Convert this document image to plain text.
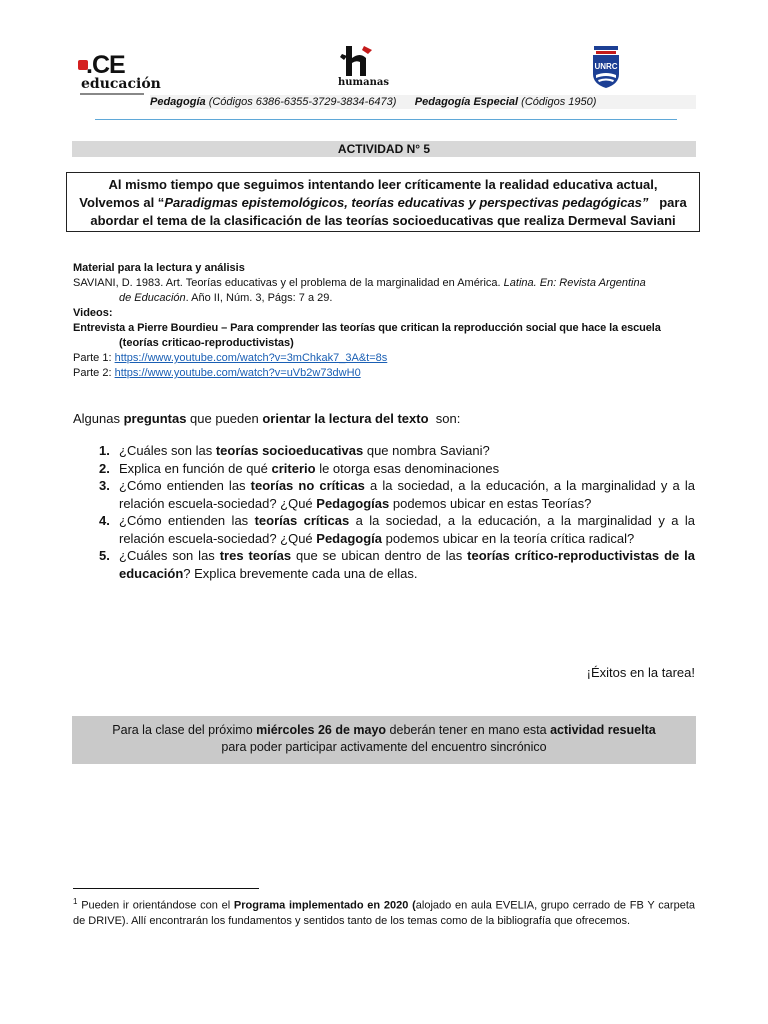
.CE
educación	humanas
UNRC
Pedagogía (Códigos 6386-6355-3729-3834-6473) Pedagogía Especial (Códigos 1950)
ACTIVIDAD N° 5
Al mismo tiempo que seguimos intentando leer críticamente la realidad educativa actual,
Volvemos al “Paradigmas epistemológicos, teorías educativas y perspectivas pedagógicas”   para
abordar el tema de la clasificación de las teorías socioeducativas que realiza Dermeval Saviani
Material para la lectura y análisis

SAVIANI, D. 1983. Art. Teorías educativas y el problema de la marginalidad en América. Latina. En: Revista Argentina
de Educación. Año II, Núm. 3, Págs: 7 a 29.
Videos:

Entrevista a Pierre Bourdieu – Para comprender las teorías que critican la reproducción social que hace la escuela
(teorías criticao-reproductivistas)
Parte 1: https://www.youtube.com/watch?v=3mChkak7_3A&t=8s
Parte 2: https://www.youtube.com/watch?v=uVb2w73dwH0
Algunas preguntas que pueden orientar la lectura del texto  son:
1. ¿Cuáles son las teorías socioeducativas que nombra Saviani?
2. Explica en función de qué criterio le otorga esas denominaciones
3. ¿Cómo entienden las teorías no críticas a la sociedad, a la educación, a la marginalidad y a la relación escuela-sociedad? ¿Qué Pedagogías podemos ubicar en estas Teorías?
4. ¿Cómo entienden las teorías críticas a la sociedad, a la educación, a la marginalidad y a la relación escuela-sociedad? ¿Qué Pedagogía podemos ubicar en la teoría crítica radical?
5. ¿Cuáles son las tres teorías que se ubican dentro de las teorías crítico-reproductivistas de la educación? Explica brevemente cada una de ellas.
¡Éxitos en la tarea!
Para la clase del próximo miércoles 26 de mayo deberán tener en mano esta actividad resuelta
para poder participar activamente del encuentro sincrónico
$^1$ Pueden ir orientándose con el Programa implementado en 2020 (alojado en aula EVELIA, grupo cerrado de FB Y carpeta de DRIVE). Allí encontrarán los fundamentos y sentidos tanto de los temas como de la bibliografía que ofrecemos.
